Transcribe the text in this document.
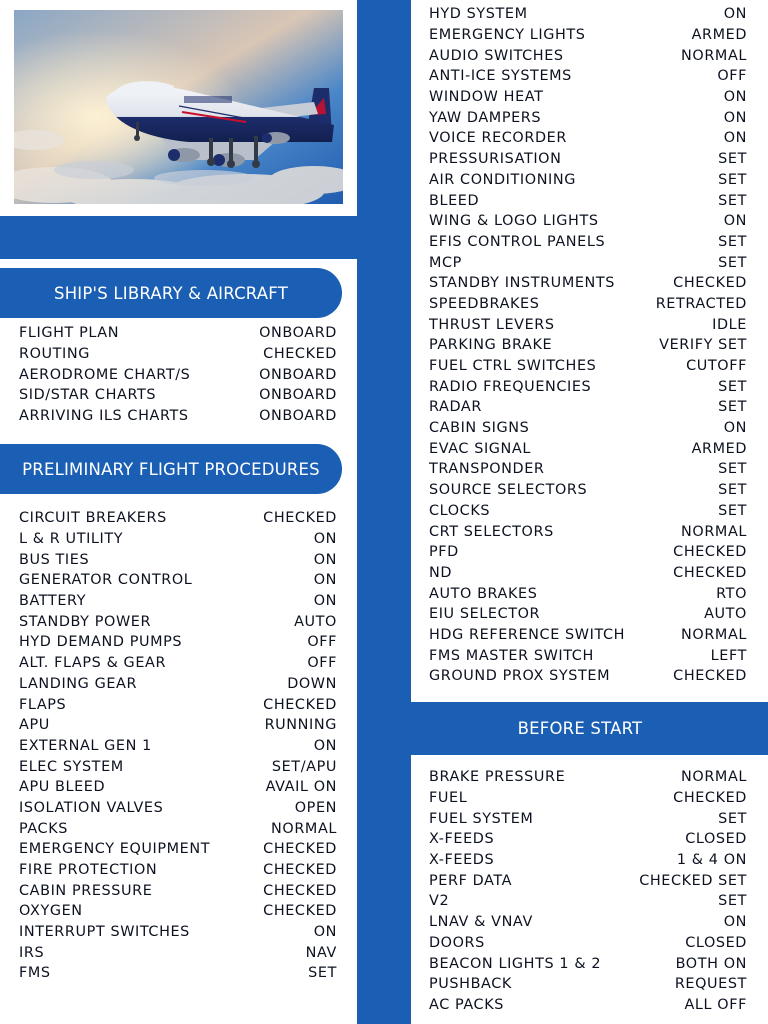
SHIP'S LIBRARY & AIRCRAFT
FLIGHT PLAN	ONBOARD
ROUTING	CHECKED
AERODROME CHART/S	ONBOARD
SID/STAR CHARTS	ONBOARD
ARRIVING ILS CHARTS	ONBOARD
PRELIMINARY FLIGHT PROCEDURES
CIRCUIT BREAKERS	CHECKED
L & R UTILITY	ON
BUS TIES	ON
GENERATOR CONTROL	ON
BATTERY	ON
STANDBY POWER	AUTO
HYD DEMAND PUMPS	OFF
ALT. FLAPS & GEAR	OFF
LANDING GEAR	DOWN
FLAPS	CHECKED
APU	RUNNING
EXTERNAL GEN 1	ON
ELEC SYSTEM	SET/APU
APU BLEED	AVAIL ON
ISOLATION VALVES	OPEN
PACKS	NORMAL
EMERGENCY EQUIPMENT	CHECKED
FIRE PROTECTION	CHECKED
CABIN PRESSURE	CHECKED
OXYGEN	CHECKED
INTERRUPT SWITCHES	ON
IRS	NAV
FMS	SET
HYD SYSTEM	ON
EMERGENCY LIGHTS	ARMED
AUDIO SWITCHES	NORMAL
ANTI-ICE SYSTEMS	OFF
WINDOW HEAT	ON
YAW DAMPERS	ON
VOICE RECORDER	ON
PRESSURISATION	SET
AIR CONDITIONING	SET
BLEED	SET
WING & LOGO LIGHTS	ON
EFIS CONTROL PANELS	SET
MCP	SET
STANDBY INSTRUMENTS	CHECKED
SPEEDBRAKES	RETRACTED
THRUST LEVERS	IDLE
PARKING BRAKE	VERIFY SET
FUEL CTRL SWITCHES	CUTOFF
RADIO FREQUENCIES	SET
RADAR	SET
CABIN SIGNS	ON
EVAC SIGNAL	ARMED
TRANSPONDER	SET
SOURCE SELECTORS	SET
CLOCKS	SET
CRT SELECTORS	NORMAL
PFD	CHECKED
ND	CHECKED
AUTO BRAKES	RTO
EIU SELECTOR	AUTO
HDG REFERENCE SWITCH	NORMAL
FMS MASTER SWITCH	LEFT
GROUND PROX SYSTEM	CHECKED
BEFORE START
BRAKE PRESSURE	NORMAL
FUEL	CHECKED
FUEL SYSTEM	SET
X-FEEDS	CLOSED
X-FEEDS	1 & 4 ON
PERF DATA	CHECKED SET
V2	SET
LNAV & VNAV	ON
DOORS	CLOSED
BEACON LIGHTS 1 & 2	BOTH ON
PUSHBACK	REQUEST
AC PACKS	ALL OFF
